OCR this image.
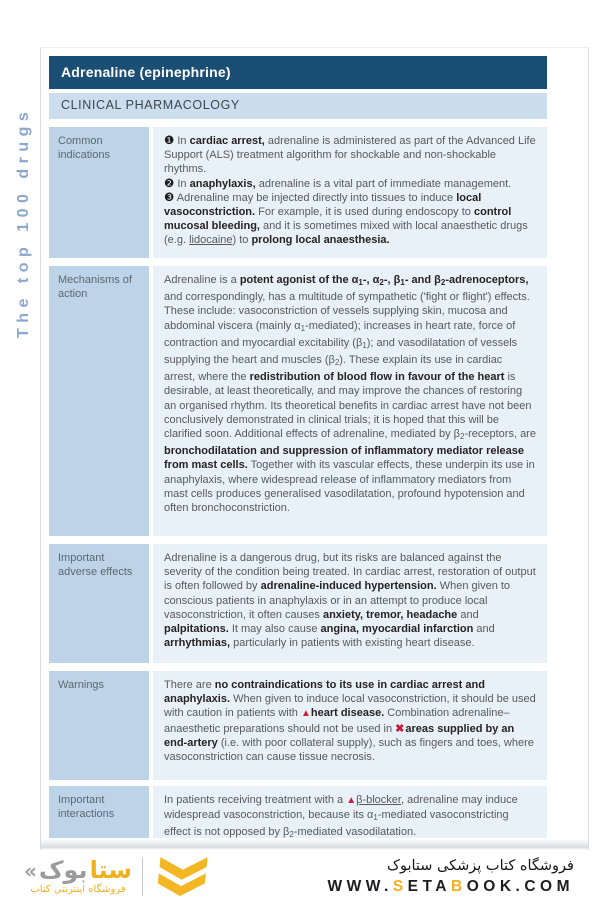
The top 100 drugs
Adrenaline (epinephrine)
CLINICAL PHARMACOLOGY
Common indications

❶ In cardiac arrest, adrenaline is administered as part of the Advanced Life Support (ALS) treatment algorithm for shockable and non-shockable rhythms.

❷ In anaphylaxis, adrenaline is a vital part of immediate management.

❸ Adrenaline may be injected directly into tissues to induce local vasoconstriction. For example, it is used during endoscopy to control mucosal bleeding, and it is sometimes mixed with local anaesthetic drugs (e.g. lidocaine) to prolong local anaesthesia.

Mechanisms of action

Adrenaline is a potent agonist of the $\alpha_1-$, $\alpha_2-$, $\beta_1-$ and $\beta_2$-adrenoceptors, and correspondingly, has a multitude of sympathetic ('fight or flight') effects. These include: vasoconstriction of vessels supplying skin, mucosa and abdominal viscera (mainly $\alpha_1-mediated$); increases in heart rate, force of contraction and myocardial excitability $(\beta_1)$; and vasodilatation of vessels supplying the heart and muscles $(\beta_2)$. These explain its use in cardiac arrest, where the redistribution of blood flow in favour of the heart is desirable, at least theoretically, and may improve the chances of restoring an organised rhythm. Its theoretical benefits in cardiac arrest have not been conclusively demonstrated in clinical trials; it is hoped that this will be clarified soon. Additional effects of adrenaline, mediated by $\beta_2$-receptors, are bronchodilatation and suppression of inflammatory mediator release from mast cells. Together with its vascular effects, these underpin its use in anaphylaxis, where widespread release of inflammatory mediators from mast cells produces generalised vasodilatation, profound hypotension and often bronchoconstriction.

Important adverse effects

Adrenaline is a dangerous drug, but its risks are balanced against the severity of the condition being treated. In cardiac arrest, restoration of output is often followed by adrenaline-induced hypertension. When given to conscious patients in anaphylaxis or in an attempt to produce local vasoconstriction, it often causes anxiety, tremor, headache and palpitations. It may also cause angina, myocardial infarction and arrhythmias, particularly in patients with existing heart disease.

Warnings	There are no contraindications to its use in cardiac arrest and anaphylaxis. When given to induce local vasoconstriction, it should be used with caution in patients with ▲heart disease. Combination adrenaline–anaesthetic preparations should not be used in ✖areas supplied by an end-artery (i.e. with poor collateral supply), such as fingers and toes, where vasoconstriction can cause tissue necrosis.

Important interactions

In patients receiving treatment with a ▲β-blocker, adrenaline may induce widespread vasoconstriction, because its $\alpha_1$-mediated vasoconstricting effect is not opposed by $\beta_2$-mediated vasodilatation.

« بوک ستا
فروشگاه اینترنتی کتاب
فروشگاه کتاب پزشکی ستابوک
WWW.SETABOOK.COM
